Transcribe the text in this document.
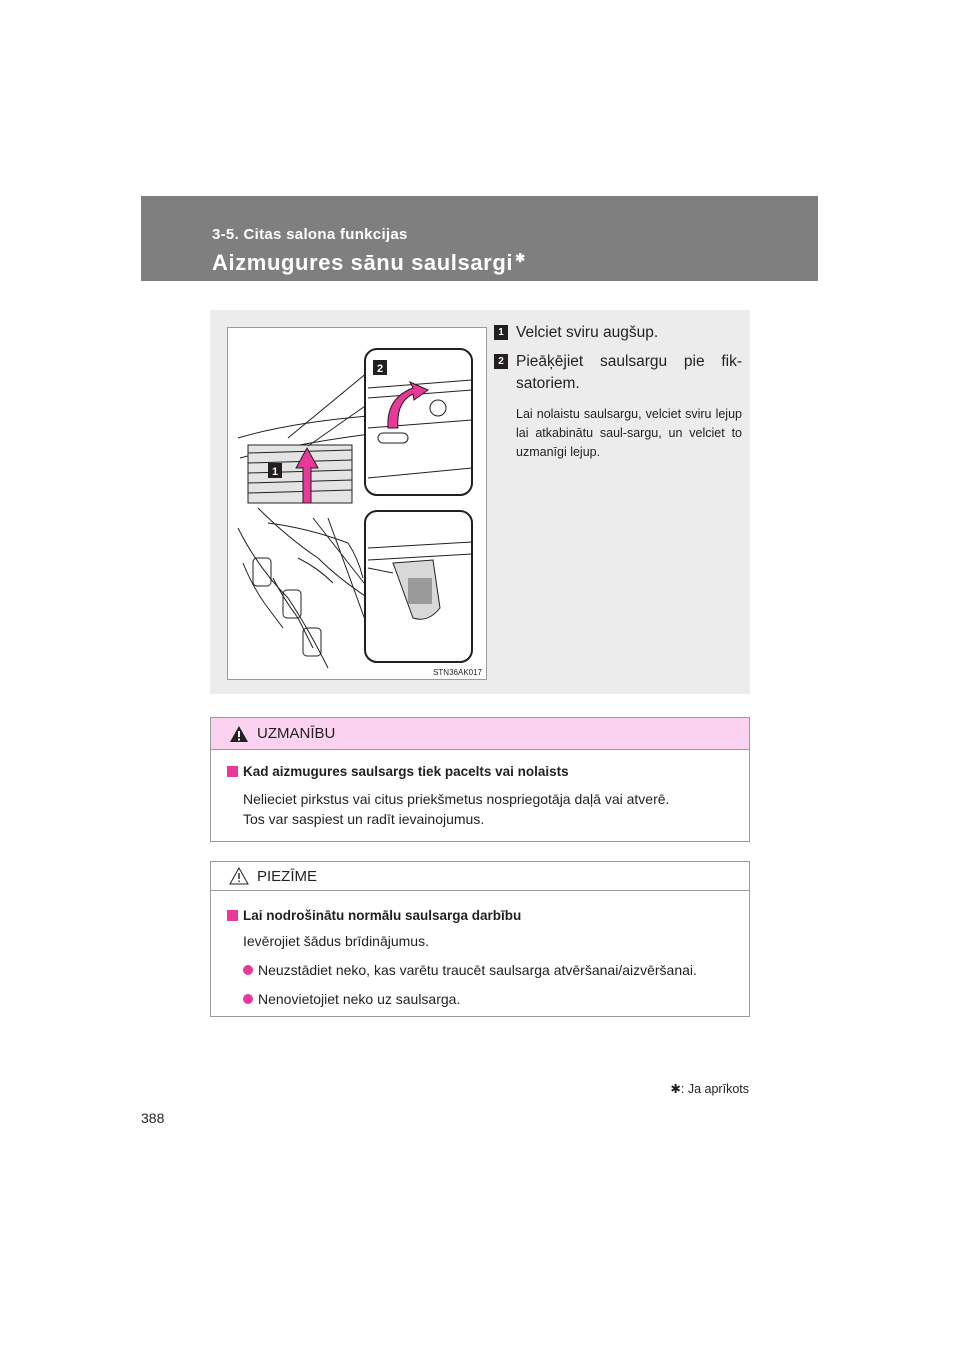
3-5. Citas salona funkcijas
Aizmugures sānu saulsargi ✱
1
2
STN36AK017
1 Velciet sviru augšup.
2 Pieāķējiet saulsargu pie fik-satoriem.
Lai nolaistu saulsargu, velciet sviru lejup lai atkabinātu saul-sargu, un velciet to uzmanīgi lejup.
UZMANĪBU
Kad aizmugures saulsargs tiek pacelts vai nolaists
Nelieciet pirkstus vai citus priekšmetus nospriegotāja daļā vai atverē.
Tos var saspiest un radīt ievainojumus.
PIEZĪME
Lai nodrošinātu normālu saulsarga darbību
Ievērojiet šādus brīdinājumus.
Neuzstādiet neko, kas varētu traucēt saulsarga atvēršanai/aizvēršanai.
Nenovietojiet neko uz saulsarga.
✱: Ja aprīkots
388
